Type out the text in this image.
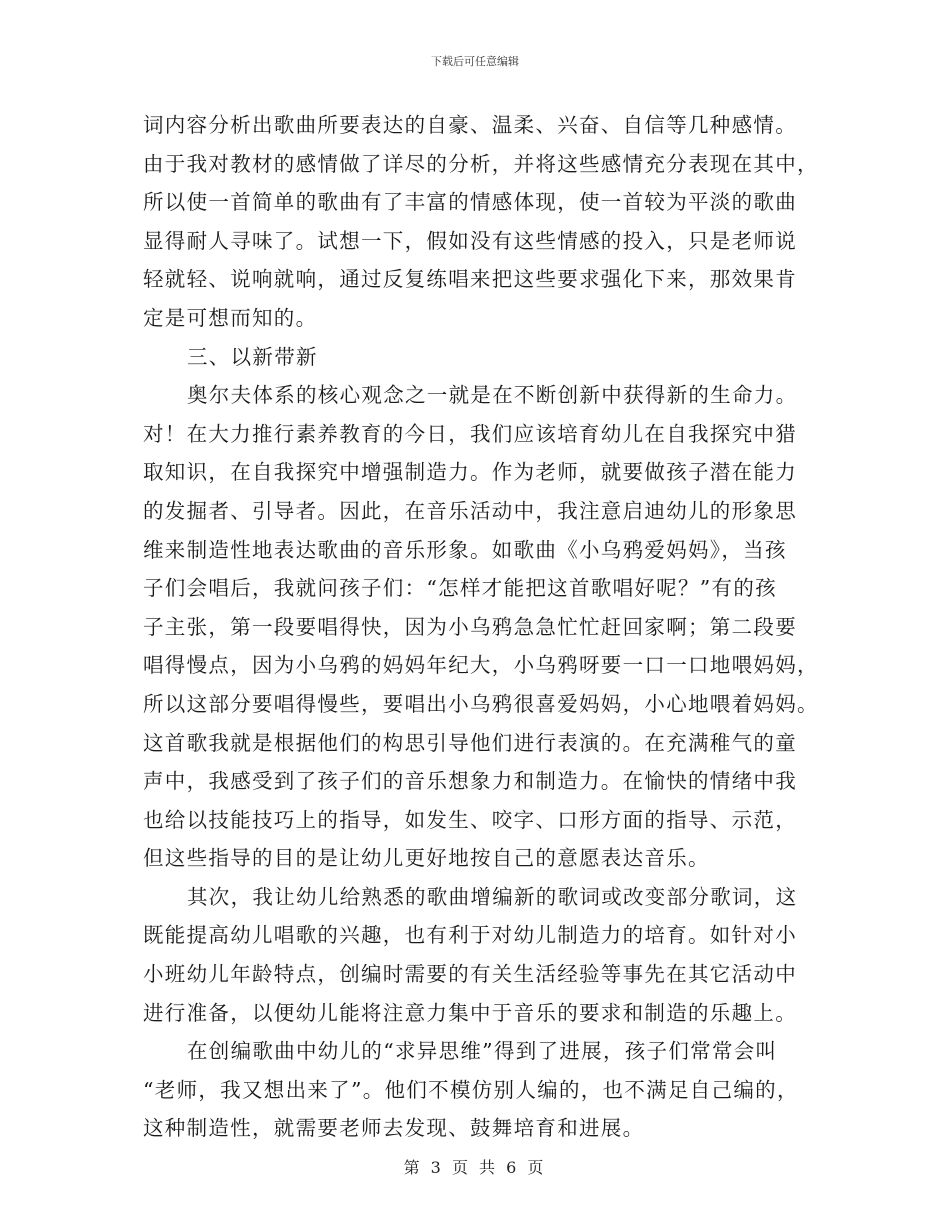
下载后可任意编辑
词内容分析出歌曲所要表达的自豪、温柔、兴奋、自信等几种感情。
由于我对教材的感情做了详尽的分析，并将这些感情充分表现在其中，
所以使一首简单的歌曲有了丰富的情感体现，使一首较为平淡的歌曲
显得耐人寻味了。试想一下，假如没有这些情感的投入，只是老师说
轻就轻、说响就响，通过反复练唱来把这些要求强化下来，那效果肯
定是可想而知的。
三、以新带新
奥尔夫体系的核心观念之一就是在不断创新中获得新的生命力。
对！在大力推行素养教育的今日，我们应该培育幼儿在自我探究中猎
取知识，在自我探究中增强制造力。作为老师，就要做孩子潜在能力
的发掘者、引导者。因此，在音乐活动中，我注意启迪幼儿的形象思
维来制造性地表达歌曲的音乐形象。如歌曲《小乌鸦爱妈妈》，当孩
子们会唱后，我就问孩子们：“怎样才能把这首歌唱好呢？”有的孩
子主张，第一段要唱得快，因为小乌鸦急急忙忙赶回家啊；第二段要
唱得慢点，因为小乌鸦的妈妈年纪大，小乌鸦呀要一口一口地喂妈妈，
所以这部分要唱得慢些，要唱出小乌鸦很喜爱妈妈，小心地喂着妈妈。
这首歌我就是根据他们的构思引导他们进行表演的。在充满稚气的童
声中，我感受到了孩子们的音乐想象力和制造力。在愉快的情绪中我
也给以技能技巧上的指导，如发生、咬字、口形方面的指导、示范，
但这些指导的目的是让幼儿更好地按自己的意愿表达音乐。
其次，我让幼儿给熟悉的歌曲增编新的歌词或改变部分歌词，这
既能提高幼儿唱歌的兴趣，也有利于对幼儿制造力的培育。如针对小
小班幼儿年龄特点，创编时需要的有关生活经验等事先在其它活动中
进行准备，以便幼儿能将注意力集中于音乐的要求和制造的乐趣上。
在创编歌曲中幼儿的“求异思维”得到了进展，孩子们常常会叫
“老师，我又想出来了”。他们不模仿别人编的，也不满足自己编的，
这种制造性，就需要老师去发现、鼓舞培育和进展。
第 3 页 共 6 页
